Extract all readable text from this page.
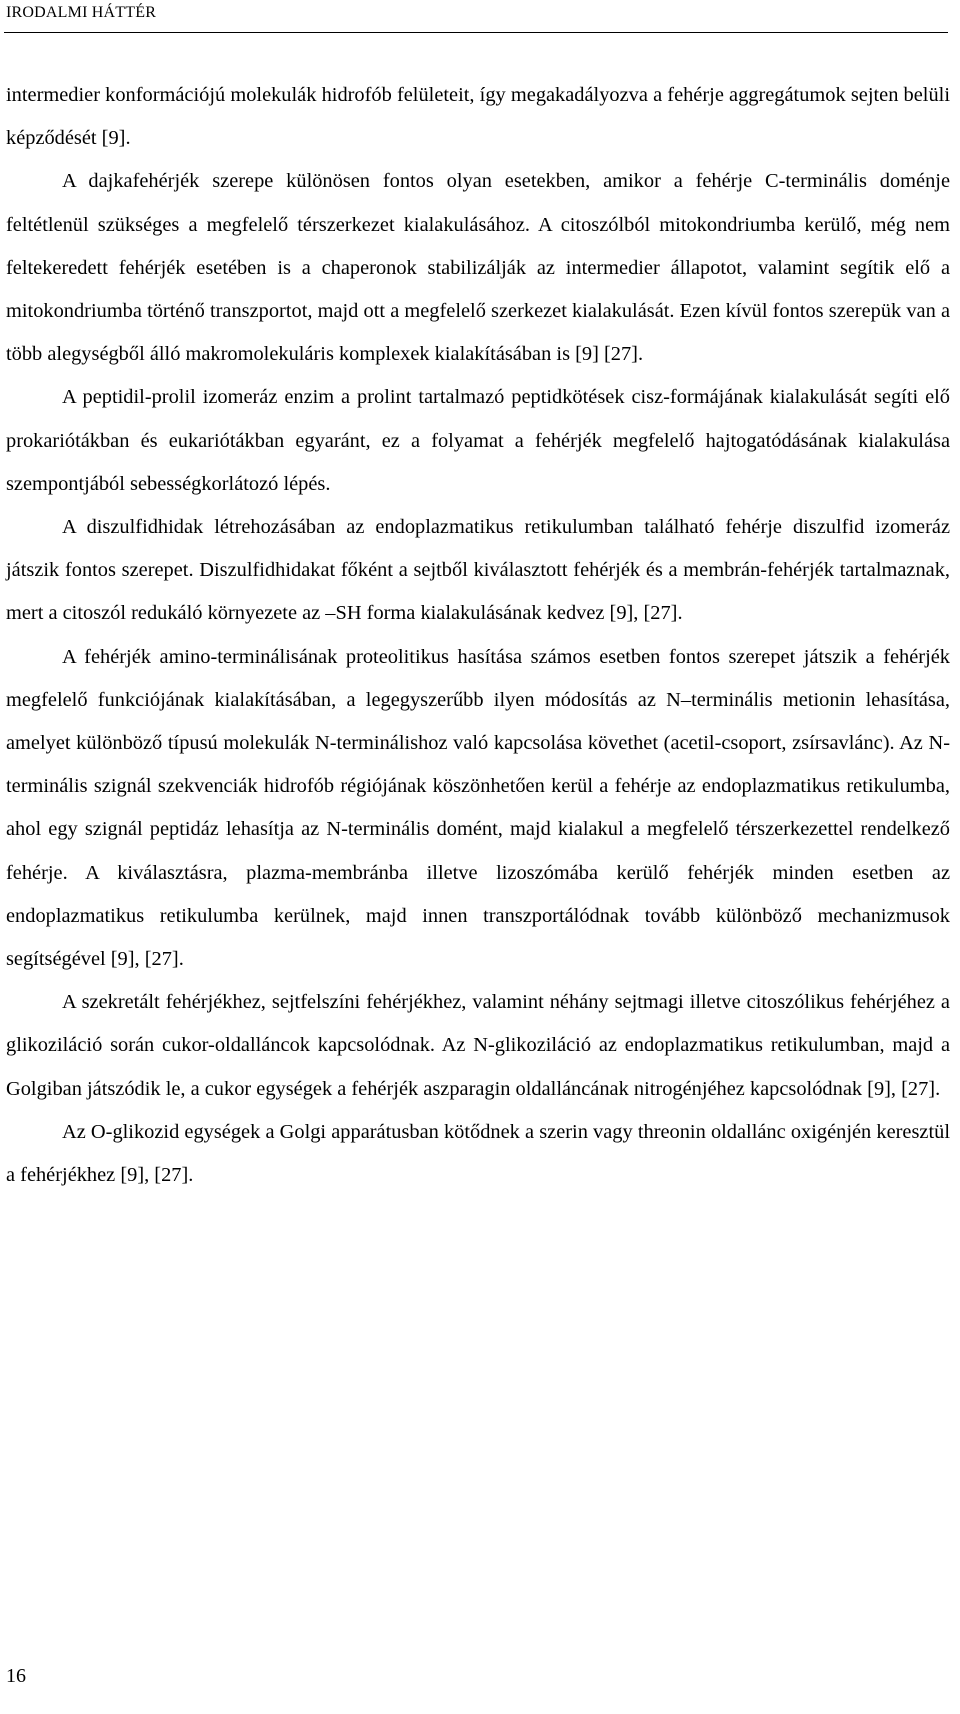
IRODALMI HÁTTÉR

intermedier konformációjú molekulák hidrofób felületeit, így megakadályozva a fehérje aggregátumok sejten belüli képződését [9].

A dajkafehérjék szerepe különösen fontos olyan esetekben, amikor a fehérje C-terminális doménje feltétlenül szükséges a megfelelő térszerkezet kialakulásához. A citoszólból mitokondriumba kerülő, még nem feltekeredett fehérjék esetében is a chaperonok stabilizálják az intermedier állapotot, valamint segítik elő a mitokondriumba történő transzportot, majd ott a megfelelő szerkezet kialakulását. Ezen kívül fontos szerepük van a több alegységből álló makromolekuláris komplexek kialakításában is [9] [27].

A peptidil-prolil izomeráz enzim a prolint tartalmazó peptidkötések cisz-formájának kialakulását segíti elő prokariótákban és eukariótákban egyaránt, ez a folyamat a fehérjék megfelelő hajtogatódásának kialakulása szempontjából sebességkorlátozó lépés.

A diszulfidhidak létrehozásában az endoplazmatikus retikulumban található fehérje diszulfid izomeráz játszik fontos szerepet. Diszulfidhidakat főként a sejtből kiválasztott fehérjék és a membrán-fehérjék tartalmaznak, mert a citoszól redukáló környezete az –SH forma kialakulásának kedvez [9], [27].

A fehérjék amino-terminálisának proteolitikus hasítása számos esetben fontos szerepet játszik a fehérjék megfelelő funkciójának kialakításában, a legegyszerűbb ilyen módosítás az N–terminális metionin lehasítása, amelyet különböző típusú molekulák N-terminálishoz való kapcsolása követhet (acetil-csoport, zsírsavlánc). Az N-terminális szignál szekvenciák hidrofób régiójának köszönhetően kerül a fehérje az endoplazmatikus retikulumba, ahol egy szignál peptidáz lehasítja az N-terminális domént, majd kialakul a megfelelő térszerkezettel rendelkező fehérje. A kiválasztásra, plazma-membránba illetve lizoszómába kerülő fehérjék minden esetben az endoplazmatikus retikulumba kerülnek, majd innen transzportálódnak tovább különböző mechanizmusok segítségével [9], [27].

A szekretált fehérjékhez, sejtfelszíni fehérjékhez, valamint néhány sejtmagi illetve citoszólikus fehérjéhez a glikoziláció során cukor-oldalláncok kapcsolódnak. Az N-glikoziláció az endoplazmatikus retikulumban, majd a Golgiban játszódik le, a cukor egységek a fehérjék aszparagin oldalláncának nitrogénjéhez kapcsolódnak [9], [27].

Az O-glikozid egységek a Golgi apparátusban kötődnek a szerin vagy threonin oldallánc oxigénjén keresztül a fehérjékhez [9], [27].

16
